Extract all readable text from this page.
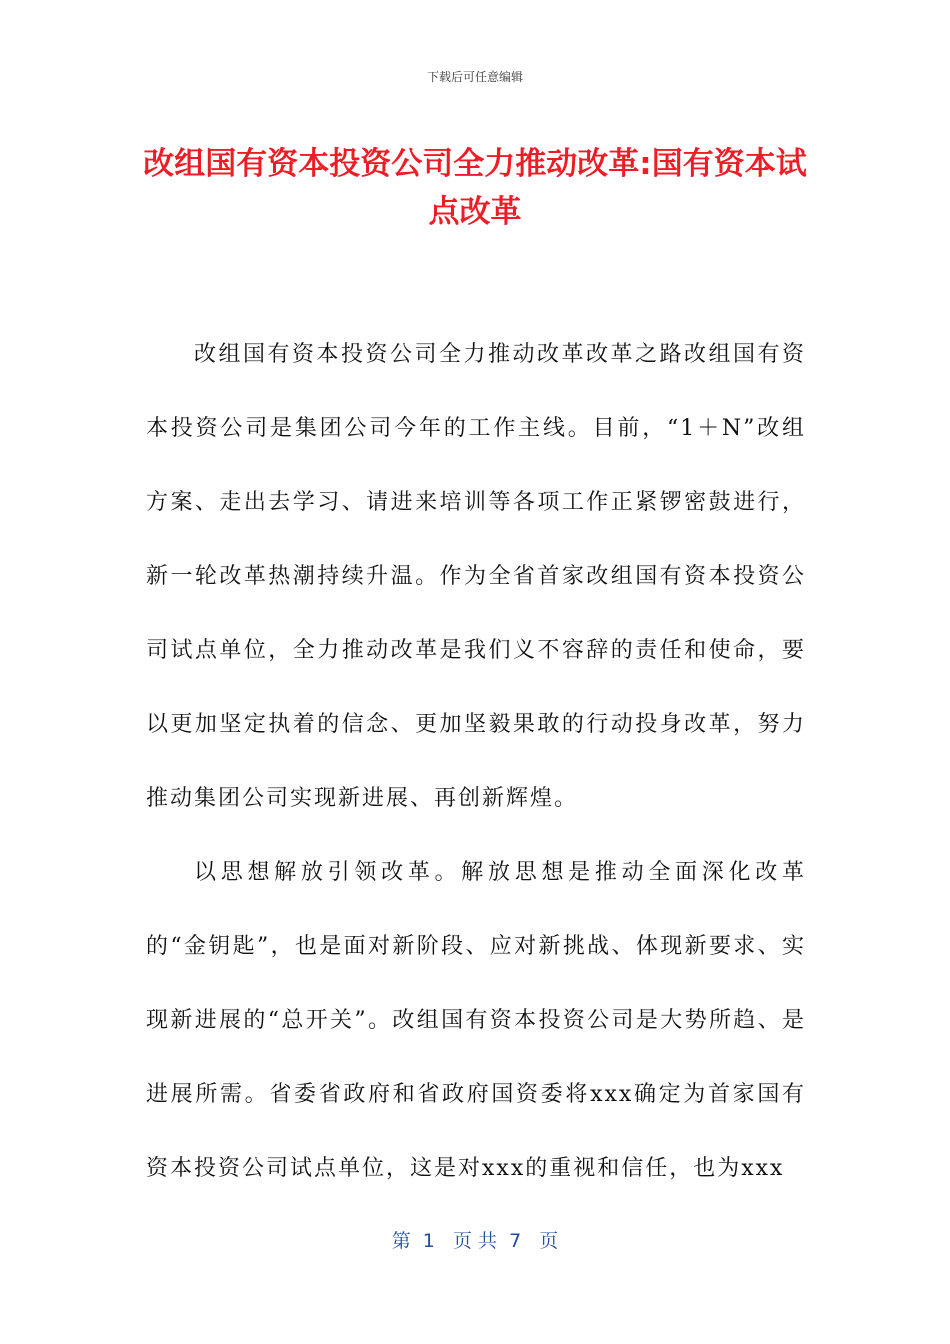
下载后可任意编辑
改组国有资本投资公司全力推动改革:国有资本试点改革

改组国有资本投资公司全力推动改革改革之路改组国有资本投资公司是集团公司今年的工作主线。目前，“1＋N”改组方案、走出去学习、请进来培训等各项工作正紧锣密鼓进行，新一轮改革热潮持续升温。作为全省首家改组国有资本投资公司试点单位，全力推动改革是我们义不容辞的责任和使命，要以更加坚定执着的信念、更加坚毅果敢的行动投身改革，努力推动集团公司实现新进展、再创新辉煌。

以思想解放引领改革。解放思想是推动全面深化改革的“金钥匙”，也是面对新阶段、应对新挑战、体现新要求、实现新进展的“总开关”。改组国有资本投资公司是大势所趋、是进展所需。省委省政府和省政府国资委将xxx确定为首家国有资本投资公司试点单位，这是对xxx的重视和信任，也为xxx

第  1   页 共  7   页
